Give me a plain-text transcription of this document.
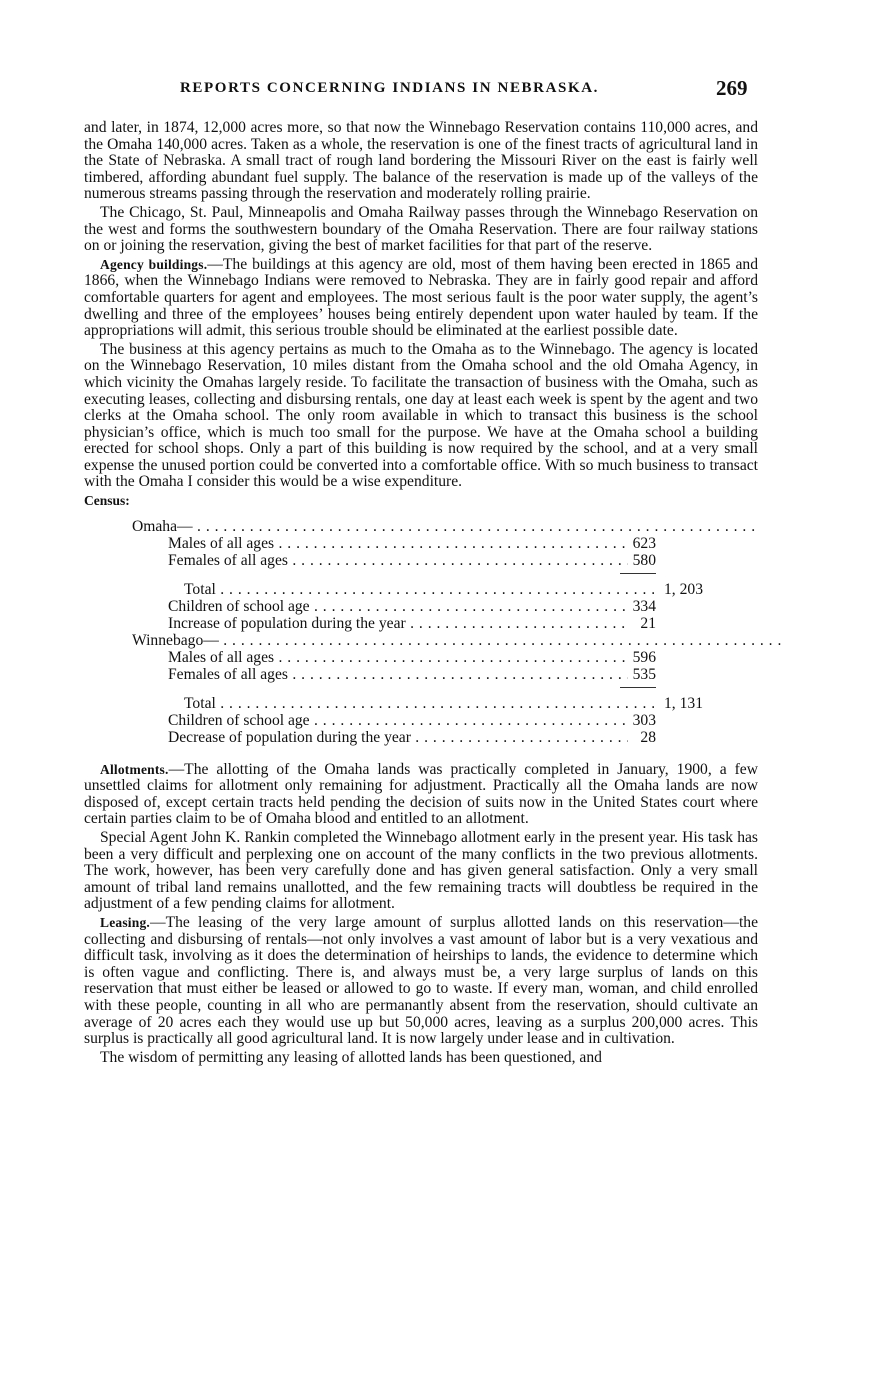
REPORTS CONCERNING INDIANS IN NEBRASKA.	269

and later, in 1874, 12,000 acres more, so that now the Winnebago Reservation contains 110,000 acres, and the Omaha 140,000 acres. Taken as a whole, the reservation is one of the finest tracts of agricultural land in the State of Nebraska. A small tract of rough land bordering the Missouri River on the east is fairly well timbered, affording abundant fuel supply. The balance of the reservation is made up of the valleys of the numerous streams passing through the reservation and moderately rolling prairie.

The Chicago, St. Paul, Minneapolis and Omaha Railway passes through the Winnebago Reservation on the west and forms the southwestern boundary of the Omaha Reservation. There are four railway stations on or joining the reservation, giving the best of market facilities for that part of the reserve.

Agency buildings.—The buildings at this agency are old, most of them having been erected in 1865 and 1866, when the Winnebago Indians were removed to Nebraska. They are in fairly good repair and afford comfortable quarters for agent and employees. The most serious fault is the poor water supply, the agent’s dwelling and three of the employees’ houses being entirely dependent upon water hauled by team. If the appropriations will admit, this serious trouble should be eliminated at the earliest possible date.

The business at this agency pertains as much to the Omaha as to the Winnebago. The agency is located on the Winnebago Reservation, 10 miles distant from the Omaha school and the old Omaha Agency, in which vicinity the Omahas largely reside. To facilitate the transaction of business with the Omaha, such as executing leases, collecting and disbursing rentals, one day at least each week is spent by the agent and two clerks at the Omaha school. The only room available in which to transact this business is the school physician’s office, which is much too small for the purpose. We have at the Omaha school a building erected for school shops. Only a part of this building is now required by the school, and at a very small expense the unused portion could be converted into a comfortable office. With so much business to transact with the Omaha I consider this would be a wise expenditure.

Census:
Omaha— . . .
Males of all ages . . .	623
Females of all ages . . .	580
Total . . .	1, 203
Children of school age . . .	334
Increase of population during the year . . .	21
Winnebago— . . .
Males of all ages . . .	596
Females of all ages . . .	535
Total . . .	1, 131
Children of school age . . .	303
Decrease of population during the year . . .	28

Allotments.—The allotting of the Omaha lands was practically completed in January, 1900, a few unsettled claims for allotment only remaining for adjustment. Practically all the Omaha lands are now disposed of, except certain tracts held pending the decision of suits now in the United States court where certain parties claim to be of Omaha blood and entitled to an allotment.

Special Agent John K. Rankin completed the Winnebago allotment early in the present year. His task has been a very difficult and perplexing one on account of the many conflicts in the two previous allotments. The work, however, has been very carefully done and has given general satisfaction. Only a very small amount of tribal land remains unallotted, and the few remaining tracts will doubtless be required in the adjustment of a few pending claims for allotment.

Leasing.—The leasing of the very large amount of surplus allotted lands on this reservation—the collecting and disbursing of rentals—not only involves a vast amount of labor but is a very vexatious and difficult task, involving as it does the determination of heirships to lands, the evidence to determine which is often vague and conflicting. There is, and always must be, a very large surplus of lands on this reservation that must either be leased or allowed to go to waste. If every man, woman, and child enrolled with these people, counting in all who are permanantly absent from the reservation, should cultivate an average of 20 acres each they would use up but 50,000 acres, leaving as a surplus 200,000 acres. This surplus is practically all good agricultural land. It is now largely under lease and in cultivation.

The wisdom of permitting any leasing of allotted lands has been questioned, and
